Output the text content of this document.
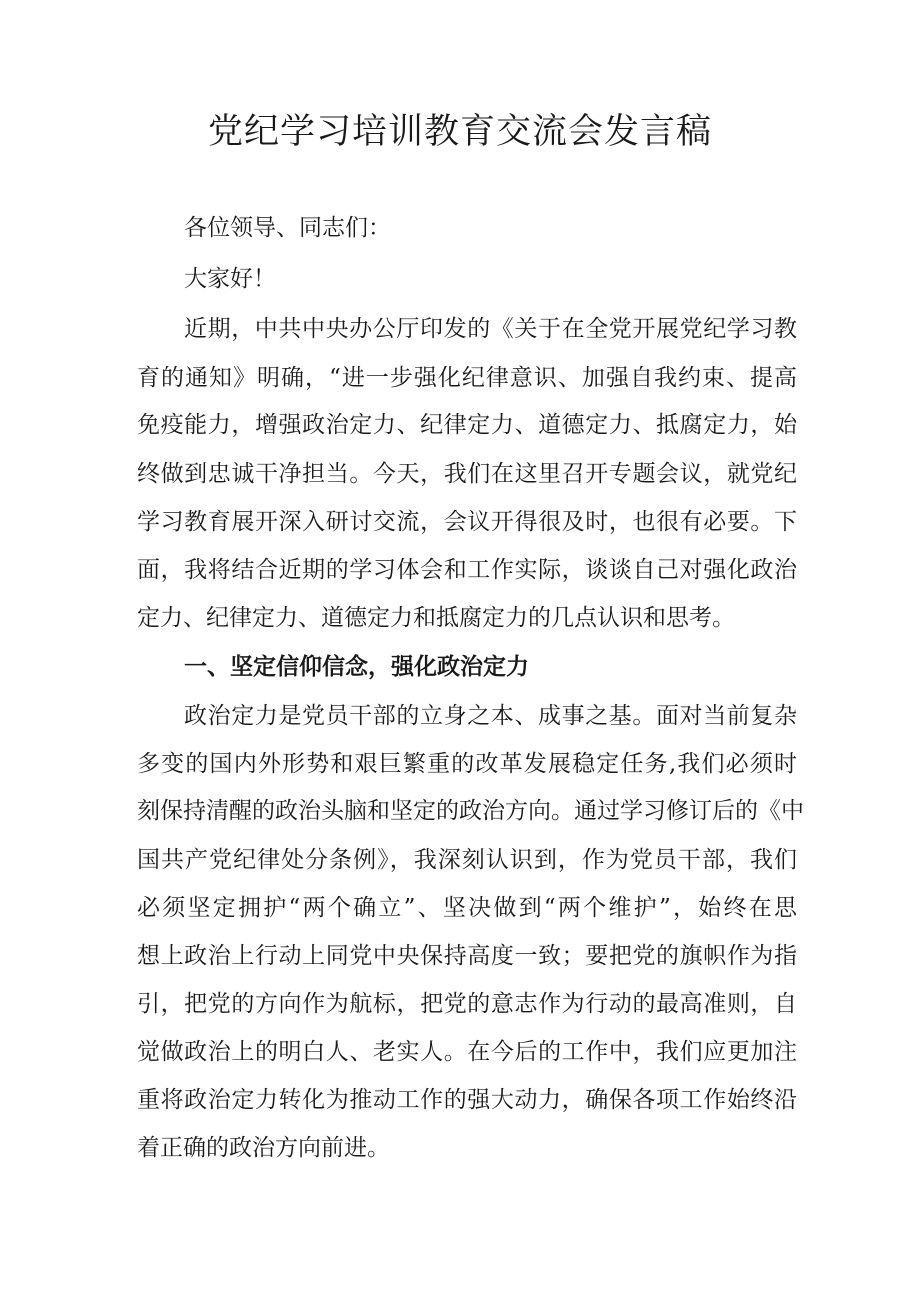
党纪学习培训教育交流会发言稿

各位领导、同志们：

大家好！

近期，中共中央办公厅印发的《关于在全党开展党纪学习教

育的通知》明确，“进一步强化纪律意识、加强自我约束、提高

免疫能力，增强政治定力、纪律定力、道德定力、抵腐定力，始

终做到忠诚干净担当。今天，我们在这里召开专题会议，就党纪

学习教育展开深入研讨交流，会议开得很及时，也很有必要。下

面，我将结合近期的学习体会和工作实际，谈谈自己对强化政治

定力、纪律定力、道德定力和抵腐定力的几点认识和思考。

一、坚定信仰信念，强化政治定力

政治定力是党员干部的立身之本、成事之基。面对当前复杂

多变的国内外形势和艰巨繁重的改革发展稳定任务,我们必须时

刻保持清醒的政治头脑和坚定的政治方向。通过学习修订后的《中

国共产党纪律处分条例》，我深刻认识到，作为党员干部，我们

必须坚定拥护“两个确立”、坚决做到“两个维护”，始终在思

想上政治上行动上同党中央保持高度一致；要把党的旗帜作为指

引，把党的方向作为航标，把党的意志作为行动的最高准则，自

觉做政治上的明白人、老实人。在今后的工作中，我们应更加注

重将政治定力转化为推动工作的强大动力，确保各项工作始终沿

着正确的政治方向前进。
